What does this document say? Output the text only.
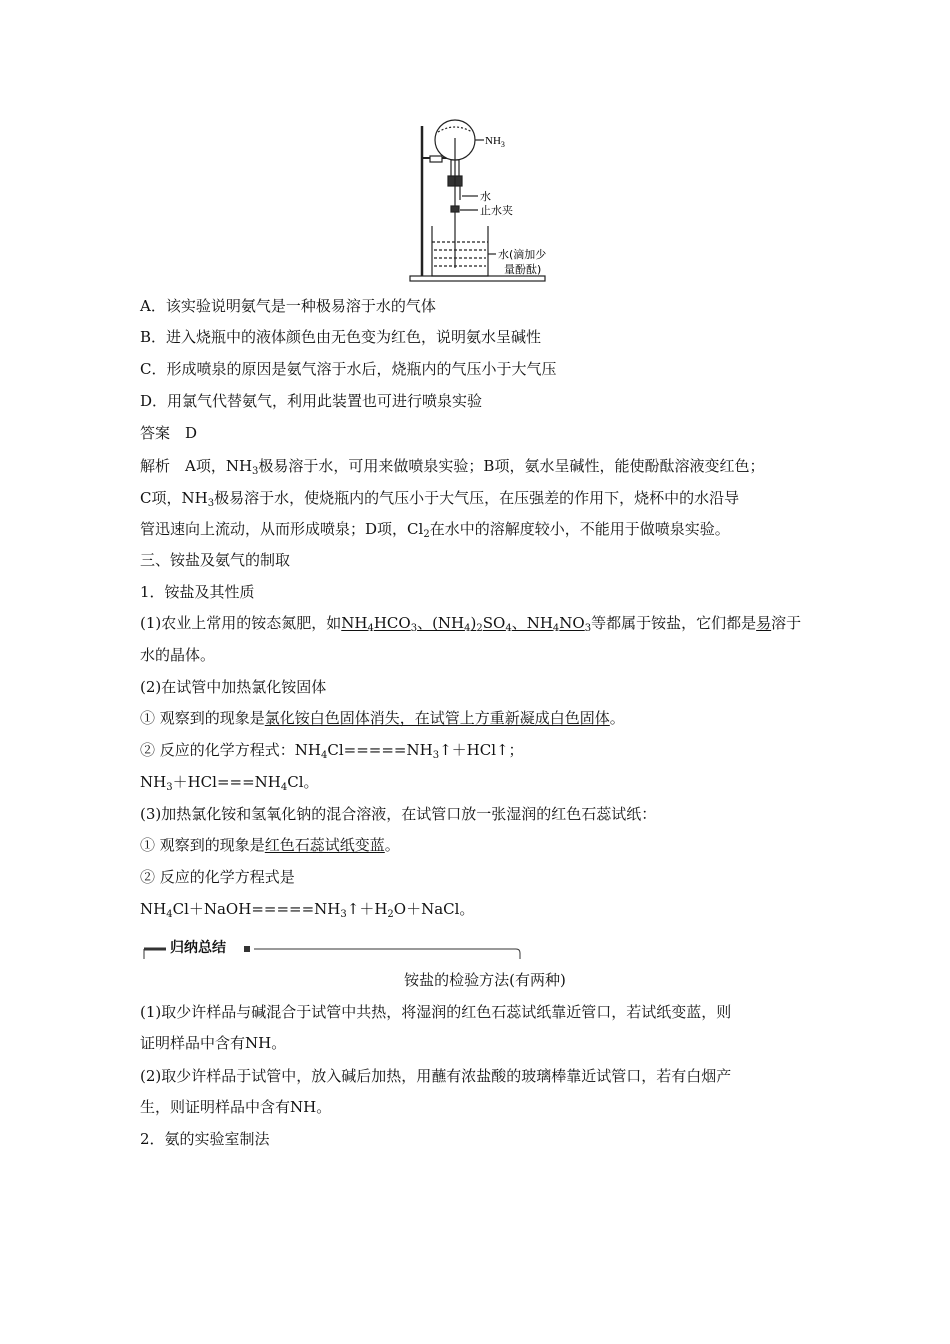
$NH_3$
水
止水夹
水(滴加少
量酚酞)
A．该实验说明氨气是一种极易溶于水的气体
B．进入烧瓶中的液体颜色由无色变为红色，说明氨水呈碱性
C．形成喷泉的原因是氨气溶于水后，烧瓶内的气压小于大气压
D．用氯气代替氨气，利用此装置也可进行喷泉实验
答案　D
解析　A项，$NH_3$极易溶于水，可用来做喷泉实验；B项，氨水呈碱性，能使酚酞溶液变红色；
C项，$NH_3$极易溶于水，使烧瓶内的气压小于大气压，在压强差的作用下，烧杯中的水沿导
管迅速向上流动，从而形成喷泉；D项，$Cl_2$在水中的溶解度较小，不能用于做喷泉实验。
三、铵盐及氨气的制取
1．铵盐及其性质
(1)农业上常用的铵态氮肥，如$NH_4HCO_3$、$(NH_4)_2SO_4$、$NH_4NO_3$等都属于铵盐，它们都是易溶于
水的晶体。
(2)在试管中加热氯化铵固体
① 观察到的现象是氯化铵白色固体消失，在试管上方重新凝成白色固体。
② 反应的化学方程式：$NH_4Cl=====NH_3↑+HCl↑$；
$NH_3+HCl===NH_4Cl$。
(3)加热氯化铵和氢氧化钠的混合溶液，在试管口放一张湿润的红色石蕊试纸：
① 观察到的现象是红色石蕊试纸变蓝。
② 反应的化学方程式是
$NH_4Cl+NaOH=====NH_3↑+H_2O+NaCl$。
归纳总结
铵盐的检验方法(有两种)
(1)取少许样品与碱混合于试管中共热，将湿润的红色石蕊试纸靠近管口，若试纸变蓝，则
证明样品中含有NH。
(2)取少许样品于试管中，放入碱后加热，用蘸有浓盐酸的玻璃棒靠近试管口，若有白烟产
生，则证明样品中含有NH。
2．氨的实验室制法
